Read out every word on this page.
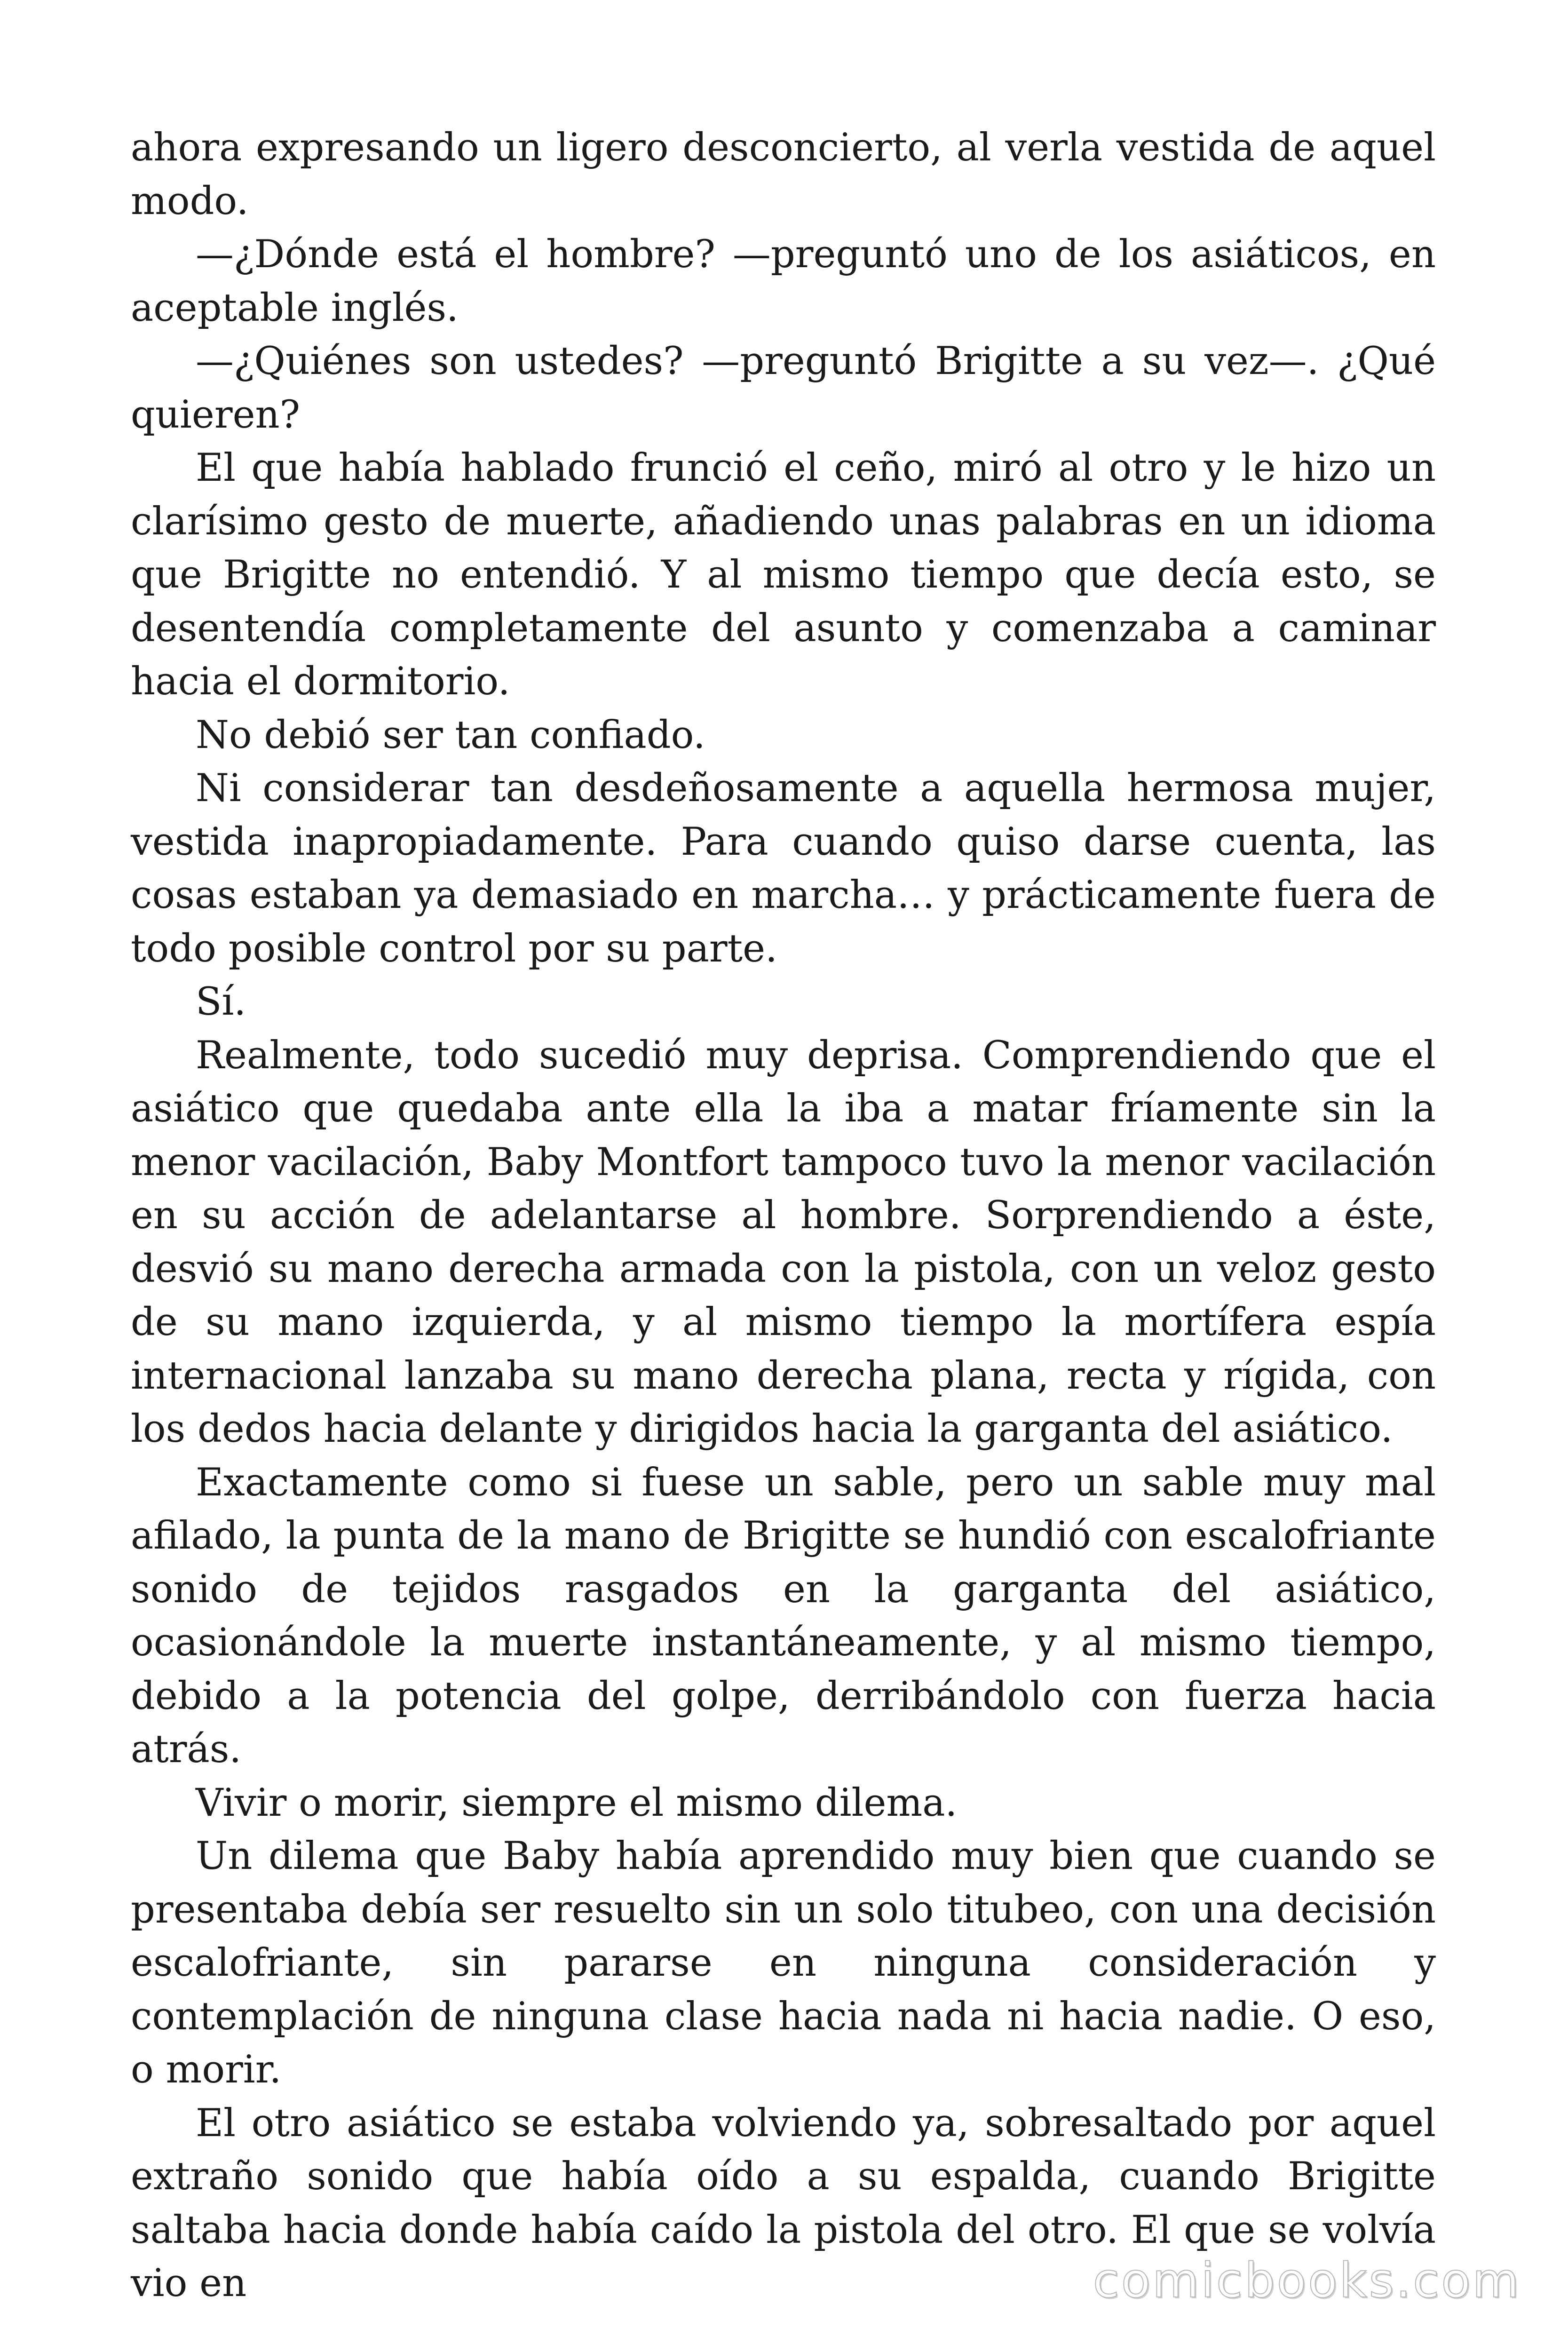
ahora expresando un ligero desconcierto, al verla vestida de aquel modo.

—¿Dónde está el hombre? —preguntó uno de los asiáticos, en aceptable inglés.

—¿Quiénes son ustedes? —preguntó Brigitte a su vez—. ¿Qué quieren?

El que había hablado frunció el ceño, miró al otro y le hizo un clarísimo gesto de muerte, añadiendo unas palabras en un idioma que Brigitte no entendió. Y al mismo tiempo que decía esto, se desentendía completamente del asunto y comenzaba a caminar hacia el dormitorio.

No debió ser tan confiado.

Ni considerar tan desdeñosamente a aquella hermosa mujer, vestida inapropiadamente. Para cuando quiso darse cuenta, las cosas estaban ya demasiado en marcha… y prácticamente fuera de todo posible control por su parte.

Sí.

Realmente, todo sucedió muy deprisa. Comprendiendo que el asiático que quedaba ante ella la iba a matar fríamente sin la menor vacilación, Baby Montfort tampoco tuvo la menor vacilación en su acción de adelantarse al hombre. Sorprendiendo a éste, desvió su mano derecha armada con la pistola, con un veloz gesto de su mano izquierda, y al mismo tiempo la mortífera espía internacional lanzaba su mano derecha plana, recta y rígida, con los dedos hacia delante y dirigidos hacia la garganta del asiático.

Exactamente como si fuese un sable, pero un sable muy mal afilado, la punta de la mano de Brigitte se hundió con escalofriante sonido de tejidos rasgados en la garganta del asiático, ocasionándole la muerte instantáneamente, y al mismo tiempo, debido a la potencia del golpe, derribándolo con fuerza hacia atrás.

Vivir o morir, siempre el mismo dilema.

Un dilema que Baby había aprendido muy bien que cuando se presentaba debía ser resuelto sin un solo titubeo, con una decisión escalofriante, sin pararse en ninguna consideración y contemplación de ninguna clase hacia nada ni hacia nadie. O eso, o morir.

El otro asiático se estaba volviendo ya, sobresaltado por aquel extraño sonido que había oído a su espalda, cuando Brigitte saltaba hacia donde había caído la pistola del otro. El que se volvía vio en	comicbooks.com
